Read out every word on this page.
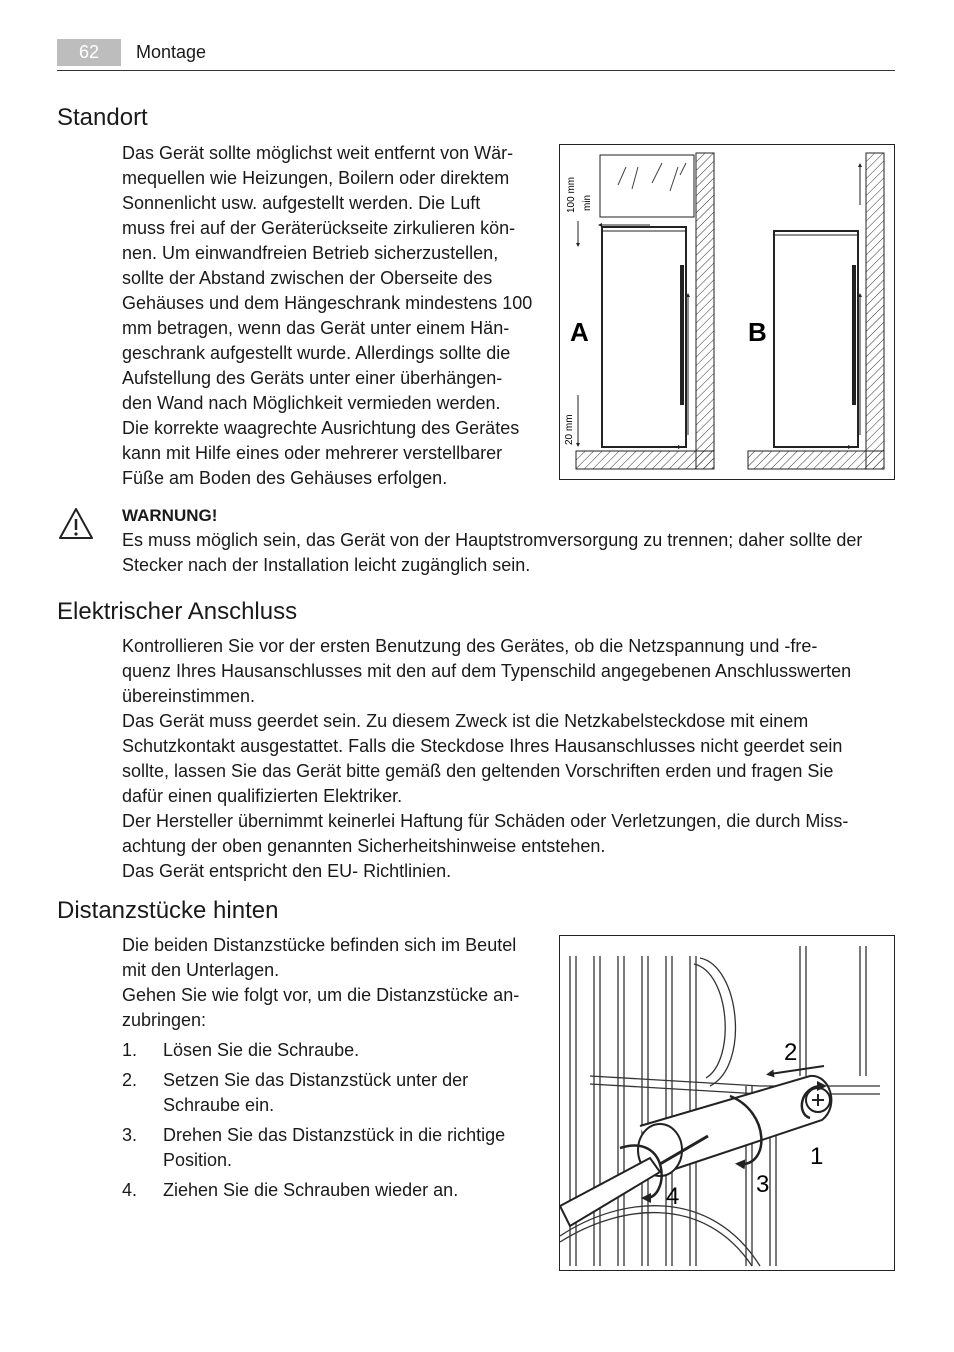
62	Montage
Standort

Das Gerät sollte möglichst weit entfernt von Wär-

mequellen wie Heizungen, Boilern oder direktem

Sonnenlicht usw. aufgestellt werden. Die Luft

muss frei auf der Geräterückseite zirkulieren kön-

nen. Um einwandfreien Betrieb sicherzustellen,

sollte der Abstand zwischen der Oberseite des

Gehäuses und dem Hängeschrank mindestens 100

mm betragen, wenn das Gerät unter einem Hän-

geschrank aufgestellt wurde. Allerdings sollte die

Aufstellung des Geräts unter einer überhängen-

den Wand nach Möglichkeit vermieden werden.

Die korrekte waagrechte Ausrichtung des Gerätes

kann mit Hilfe eines oder mehrerer verstellbarer

Füße am Boden des Gehäuses erfolgen.

A	B
100 mm min
20 mm

WARNUNG!

Es muss möglich sein, das Gerät von der Hauptstromversorgung zu trennen; daher sollte der

Stecker nach der Installation leicht zugänglich sein.

Elektrischer Anschluss

Kontrollieren Sie vor der ersten Benutzung des Gerätes, ob die Netzspannung und -fre-

quenz Ihres Hausanschlusses mit den auf dem Typenschild angegebenen Anschlusswerten

übereinstimmen.

Das Gerät muss geerdet sein. Zu diesem Zweck ist die Netzkabelsteckdose mit einem

Schutzkontakt ausgestattet. Falls die Steckdose Ihres Hausanschlusses nicht geerdet sein

sollte, lassen Sie das Gerät bitte gemäß den geltenden Vorschriften erden und fragen Sie

dafür einen qualifizierten Elektriker.

Der Hersteller übernimmt keinerlei Haftung für Schäden oder Verletzungen, die durch Miss-

achtung der oben genannten Sicherheitshinweise entstehen.

Das Gerät entspricht den EU- Richtlinien.

Distanzstücke hinten

Die beiden Distanzstücke befinden sich im Beutel

mit den Unterlagen.

Gehen Sie wie folgt vor, um die Distanzstücke an-

zubringen:

1. Lösen Sie die Schraube.
2. Setzen Sie das Distanzstück unter der
Schraube ein.
3. Drehen Sie das Distanzstück in die richtige
Position.
4. Ziehen Sie die Schrauben wieder an.
2
1
3
4
